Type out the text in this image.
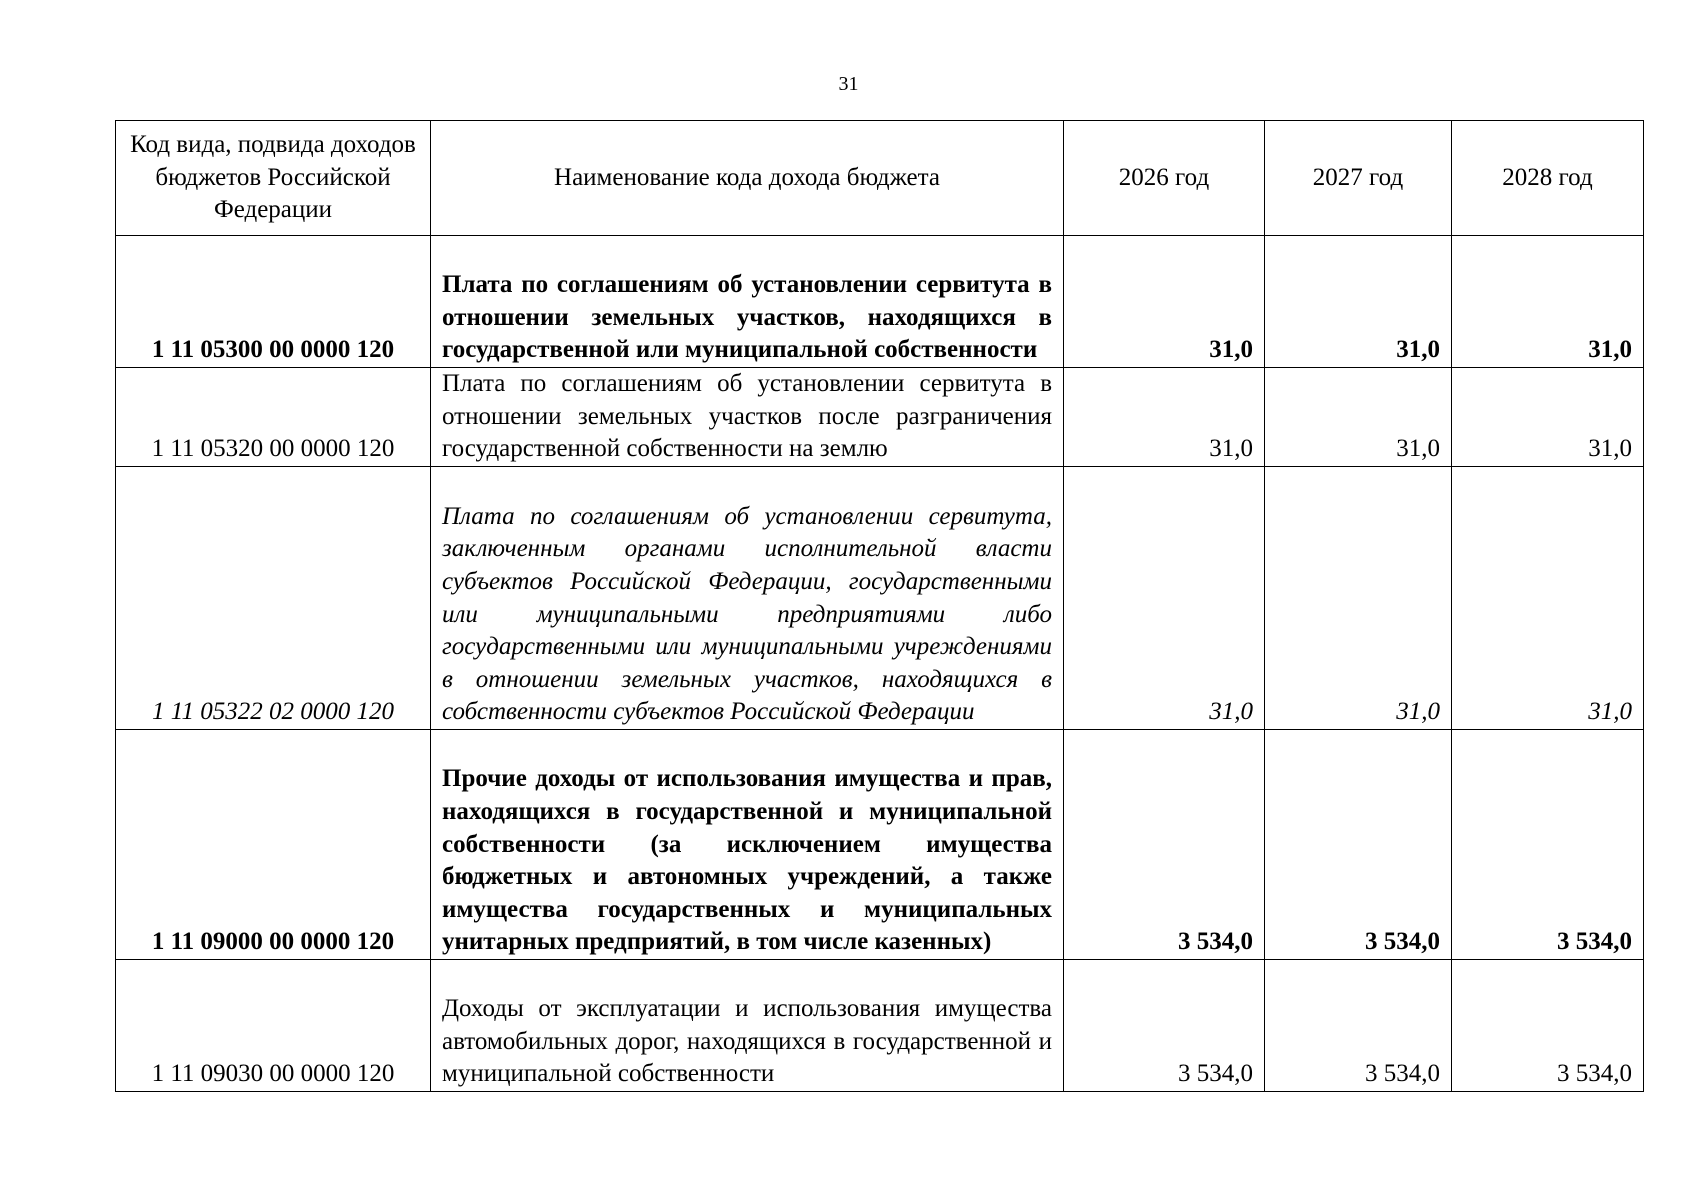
31
Код вида, подвида доходов бюджетов Российской Федерации	Наименование кода дохода бюджета	2026 год	2027 год	2028 год
1 11 05300 00 0000 120	Плата по соглашениям об установлении сервитута в отношении земельных участков, находящихся в государственной или муниципальной собственности	31,0	31,0	31,0
1 11 05320 00 0000 120	Плата по соглашениям об установлении сервитута в отношении земельных участков после разграничения государственной собственности на землю	31,0	31,0	31,0
1 11 05322 02 0000 120	Плата по соглашениям об установлении сервитута, заключенным органами исполнительной власти субъектов Российской Федерации, государственными или муниципальными предприятиями либо государственными или муниципальными учреждениями в отношении земельных участков, находящихся в собственности субъектов Российской Федерации	31,0	31,0	31,0
1 11 09000 00 0000 120	Прочие доходы от использования имущества и прав, находящихся в государственной и муниципальной собственности (за исключением имущества бюджетных и автономных учреждений, а также имущества государственных и муниципальных унитарных предприятий, в том числе казенных)	3 534,0	3 534,0	3 534,0
1 11 09030 00 0000 120	Доходы от эксплуатации и использования имущества автомобильных дорог, находящихся в государственной и муниципальной собственности	3 534,0	3 534,0	3 534,0
